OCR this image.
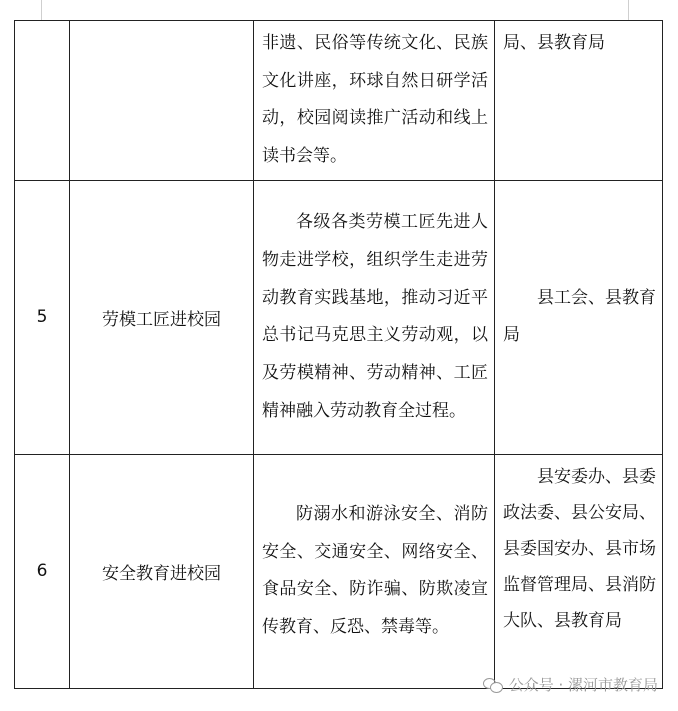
		非遗、民俗等传统文化、民族文化讲座，环球自然日研学活动，校园阅读推广活动和线上读书会等。	局、县教育局

5	劳模工匠进校园	各级各类劳模工匠先进人物走进学校，组织学生走进劳动教育实践基地，推动习近平总书记马克思主义劳动观，以及劳模精神、劳动精神、工匠精神融入劳动教育全过程。	县工会、县教育局

6	安全教育进校园	防溺水和游泳安全、消防安全、交通安全、网络安全、食品安全、防诈骗、防欺凌宣传教育、反恐、禁毒等。	县安委办、县委政法委、县公安局、县委国安办、县市场监督管理局、县消防大队、县教育局
公众号 · 漯河市教育局
